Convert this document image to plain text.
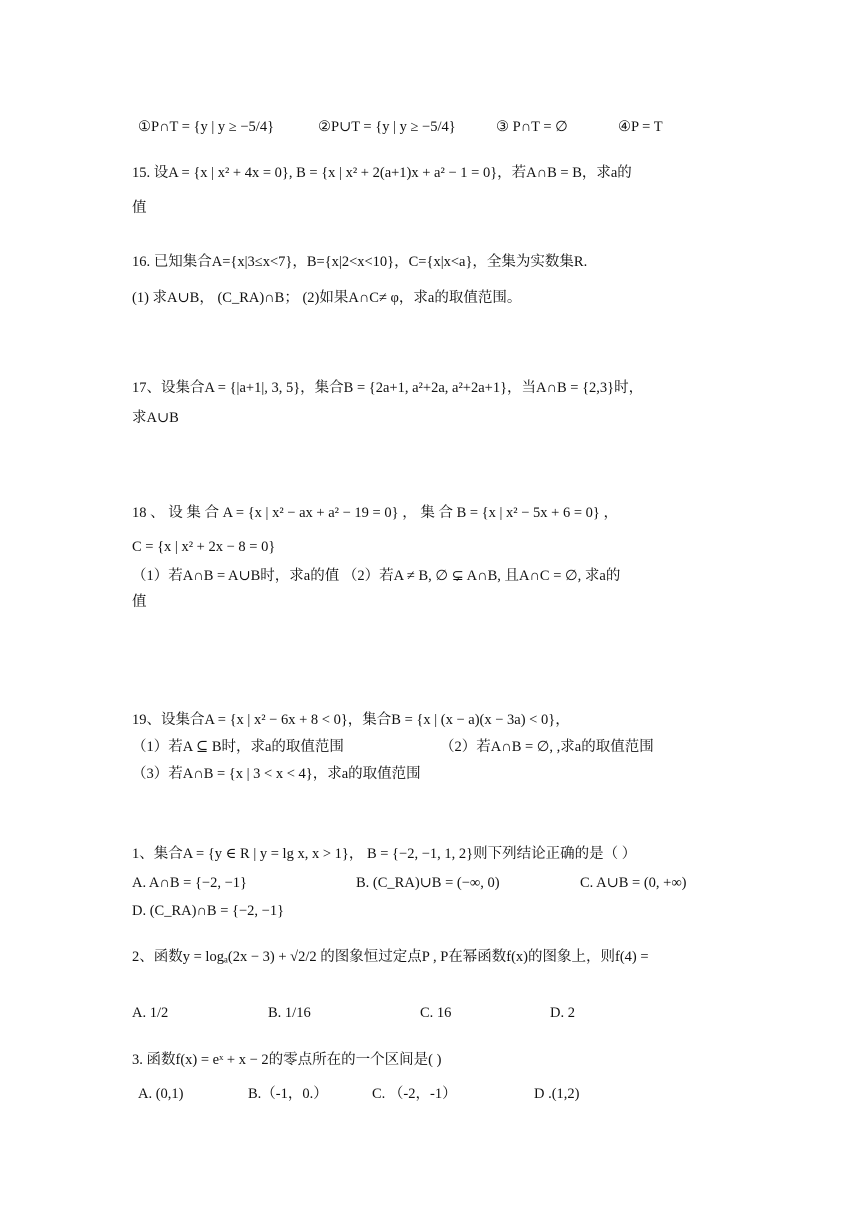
①P∩T = {y | y ≥ −5/4}	②P∪T = {y | y ≥ −5/4}	③ P∩T = ∅	④P = T
15. 设A = {x | x² + 4x = 0}, B = {x | x² + 2(a+1)x + a² − 1 = 0}，若A∩B = B，求a的
值
16. 已知集合A={x|3≤x<7}，B={x|2<x<10}，C={x|x<a}，全集为实数集R.
(1) 求A∪B， (C_RA)∩B； (2)如果A∩C≠ φ，求a的取值范围。
17、设集合A = {|a+1|, 3, 5}，集合B = {2a+1, a²+2a, a²+2a+1}，当A∩B = {2,3}时，
求A∪B
18 、 设 集 合 A = {x | x² − ax + a² − 19 = 0} ， 集 合 B = {x | x² − 5x + 6 = 0} ，
C = {x | x² + 2x − 8 = 0}
（1）若A∩B = A∪B时，求a的值 （2）若A ≠ B, ∅ ⊊ A∩B, 且A∩C = ∅, 求a的
值
19、设集合A = {x | x² − 6x + 8 < 0}，集合B = {x | (x − a)(x − 3a) < 0}，
（1）若A ⊆ B时，求a的取值范围	（2）若A∩B = ∅, ,求a的取值范围
（3）若A∩B = {x | 3 < x < 4}，求a的取值范围
1、集合A = {y ∈ R | y = lg x, x > 1}， B = {−2, −1, 1, 2}则下列结论正确的是（ ）
A. A∩B = {−2, −1}	B. (C_RA)∪B = (−∞, 0)	C. A∪B = (0, +∞)
D. (C_RA)∩B = {−2, −1}
2、函数y = logₐ(2x − 3) + √2/2 的图象恒过定点P , P在幂函数f(x)的图象上，则f(4) =
A. 1/2	B. 1/16	C. 16	D. 2
3. 函数f(x) = eˣ + x − 2的零点所在的一个区间是( )
A. (0,1)	B.（-1，0.）	C. （-2，-1）	D .(1,2)
